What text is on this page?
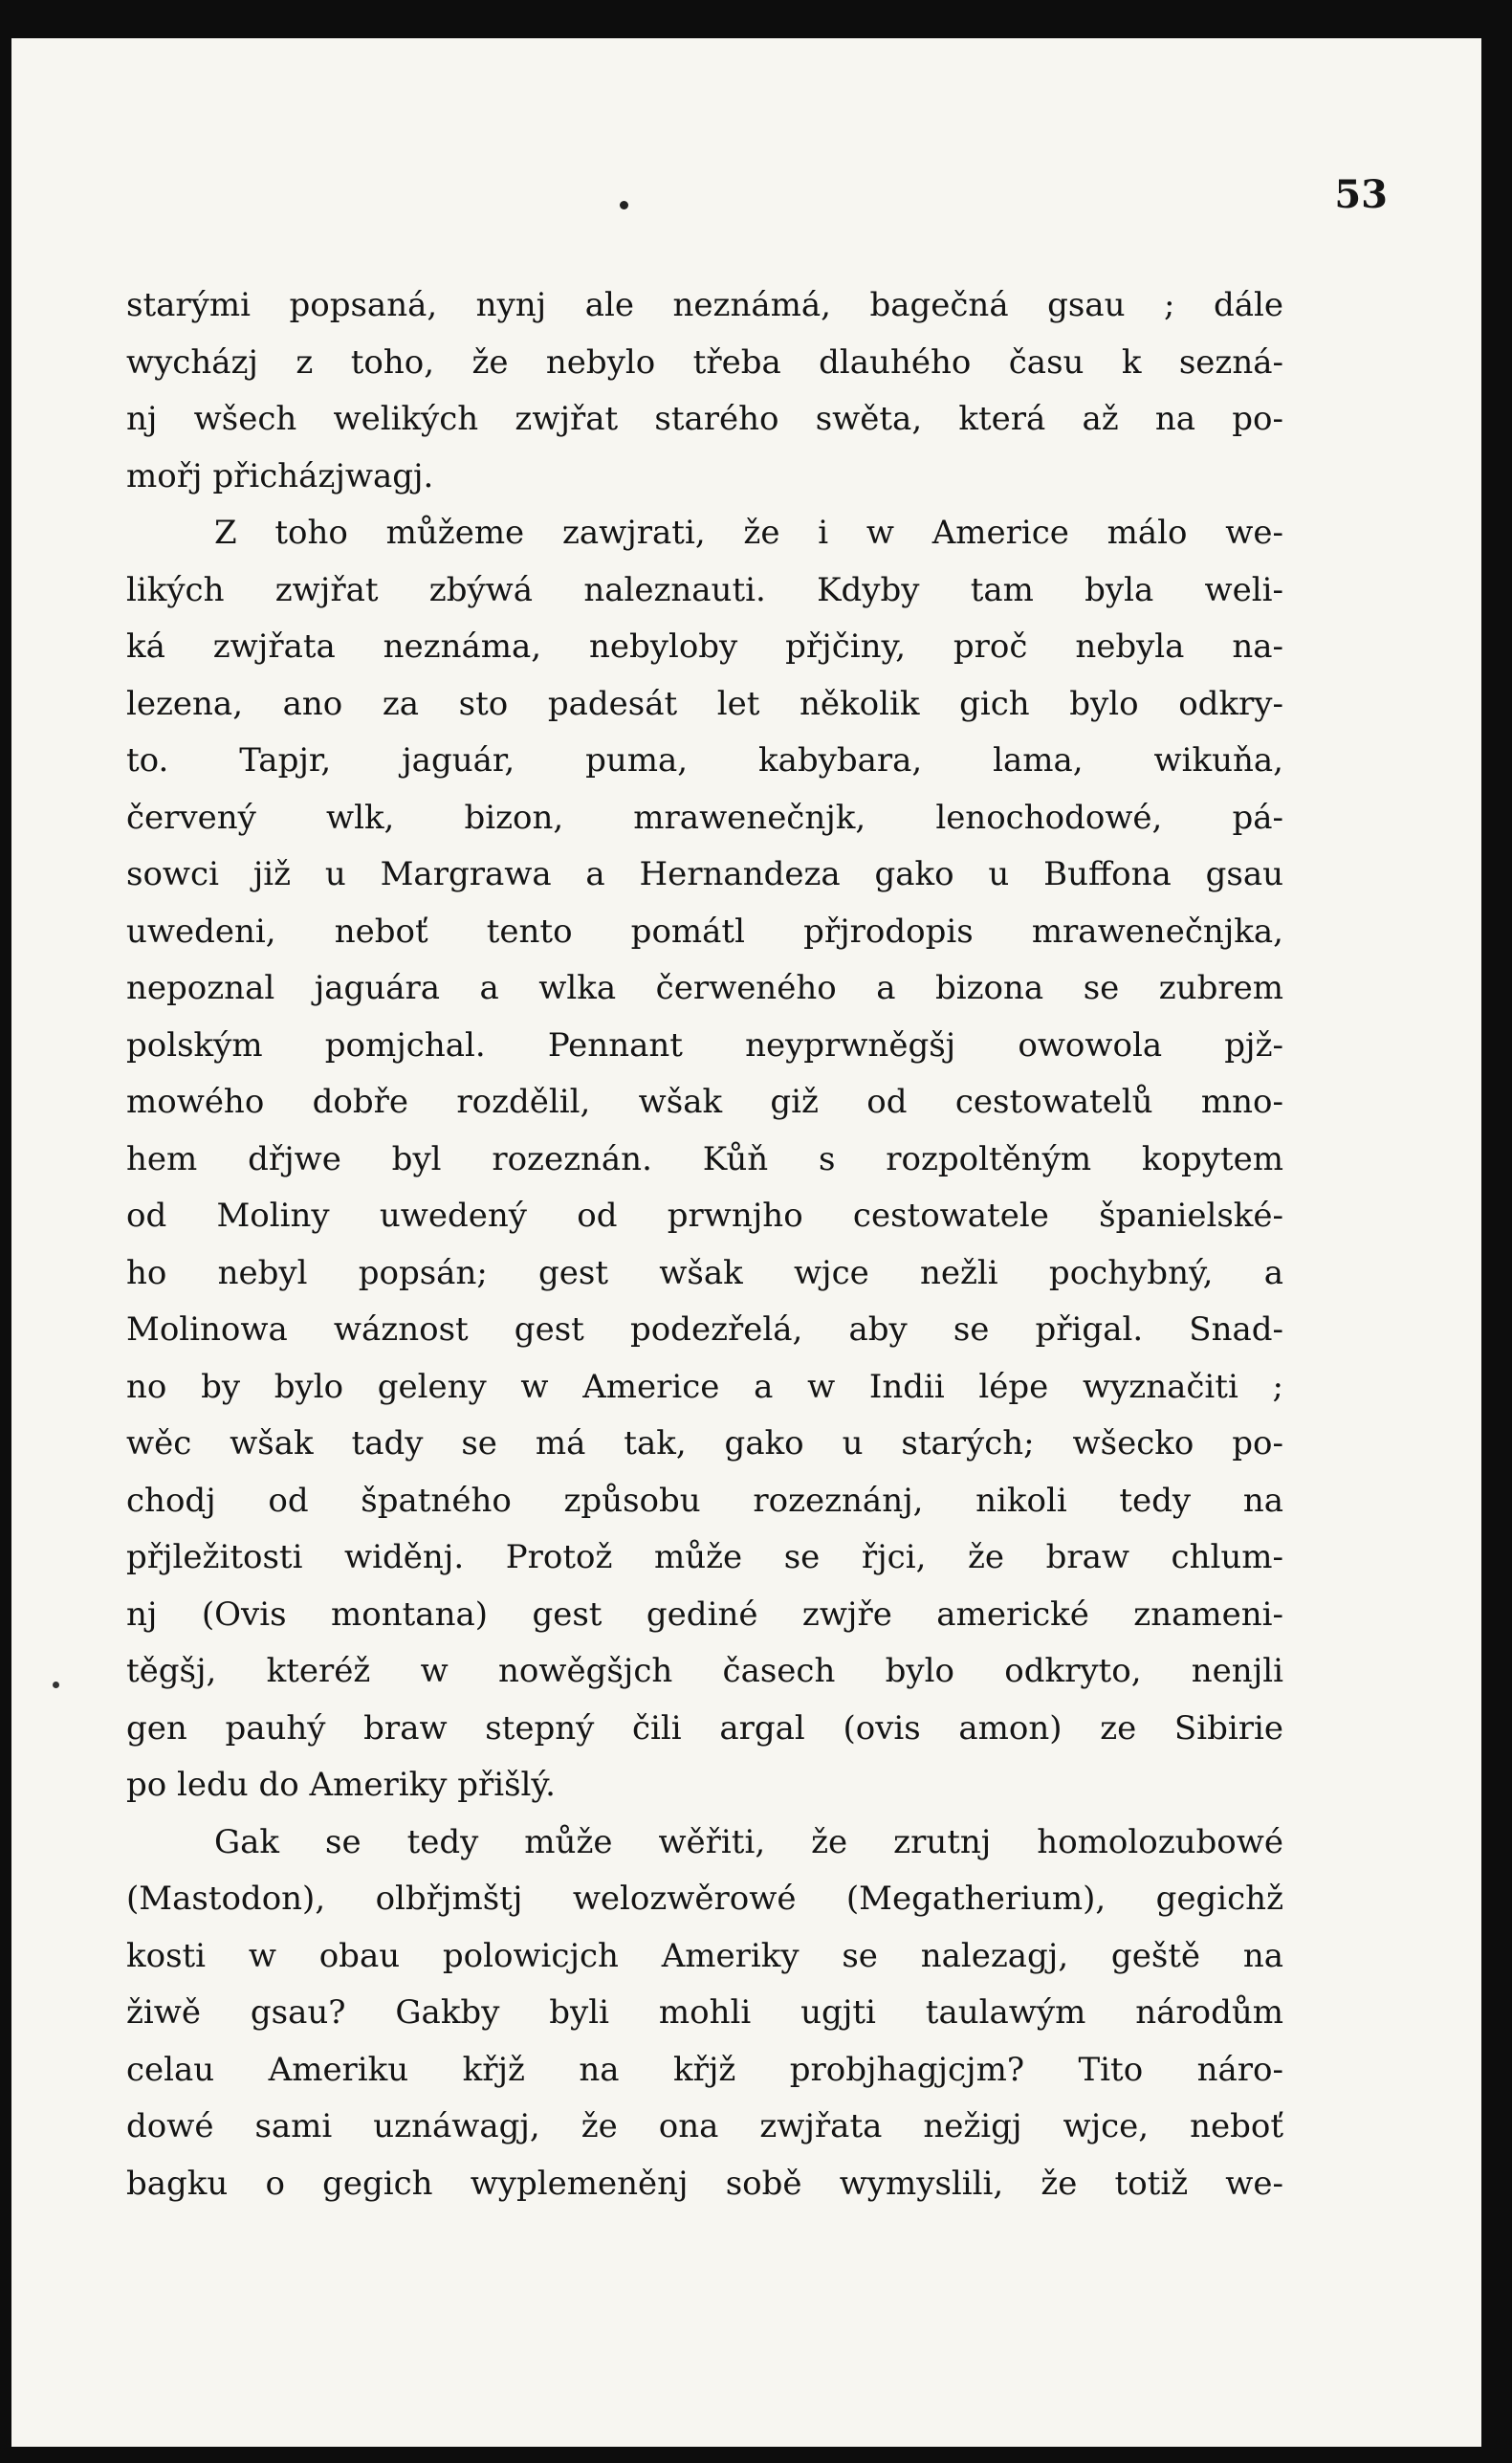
53
starými popsaná, nynj ale neznámá, bagečná gsau ; dále
wycházj z toho, že nebylo třeba dlauhého času k sezná-
nj wšech welikých zwjřat starého swěta, která až na po-
mořj přicházjwagj.
Z toho můžeme zawjrati, že i w Americe málo we-
likých zwjřat zbýwá naleznauti. Kdyby tam byla weli-
ká zwjřata neznáma, nebyloby přjčiny, proč nebyla na-
lezena, ano za sto padesát let několik gich bylo odkry-
to. Tapjr, jaguár, puma, kabybara, lama, wikuňa,
červený wlk, bizon, mrawenečnjk, lenochodowé, pá-
sowci již u Margrawa a Hernandeza gako u Buffona gsau
uwedeni, neboť tento pomátl přjrodopis mrawenečnjka,
nepoznal jaguára a wlka čerweného a bizona se zubrem
polským pomjchal. Pennant neyprwněgšj owowola pjž-
mowého dobře rozdělil, wšak giž od cestowatelů mno-
hem dřjwe byl rozeznán. Kůň s rozpoltěným kopytem
od Moliny uwedený od prwnjho cestowatele španielské-
ho nebyl popsán; gest wšak wjce nežli pochybný, a
Molinowa wáznost gest podezřelá, aby se přigal. Snad-
no by bylo geleny w Americe a w Indii lépe wyznačiti ;
wěc wšak tady se má tak, gako u starých; wšecko po-
chodj od špatného způsobu rozeznánj, nikoli tedy na
přjležitosti widěnj. Protož může se řjci, že braw chlum-
nj (Ovis montana) gest gediné zwjře americké znameni-
těgšj, kteréž w nowěgšjch časech bylo odkryto, nenjli
gen pauhý braw stepný čili argal (ovis amon) ze Sibirie
po ledu do Ameriky přišlý.
Gak se tedy může wěřiti, že zrutnj homolozubowé
(Mastodon), olbřjmštj welozwěrowé (Megatherium), gegichž
kosti w obau polowicjch Ameriky se nalezagj, geště na
žiwě gsau? Gakby byli mohli ugjti taulawým národům
celau Ameriku křjž na křjž probjhagjcjm? Tito náro-
dowé sami uznáwagj, že ona zwjřata nežigj wjce, neboť
bagku o gegich wyplemeněnj sobě wymyslili, že totiž we-
